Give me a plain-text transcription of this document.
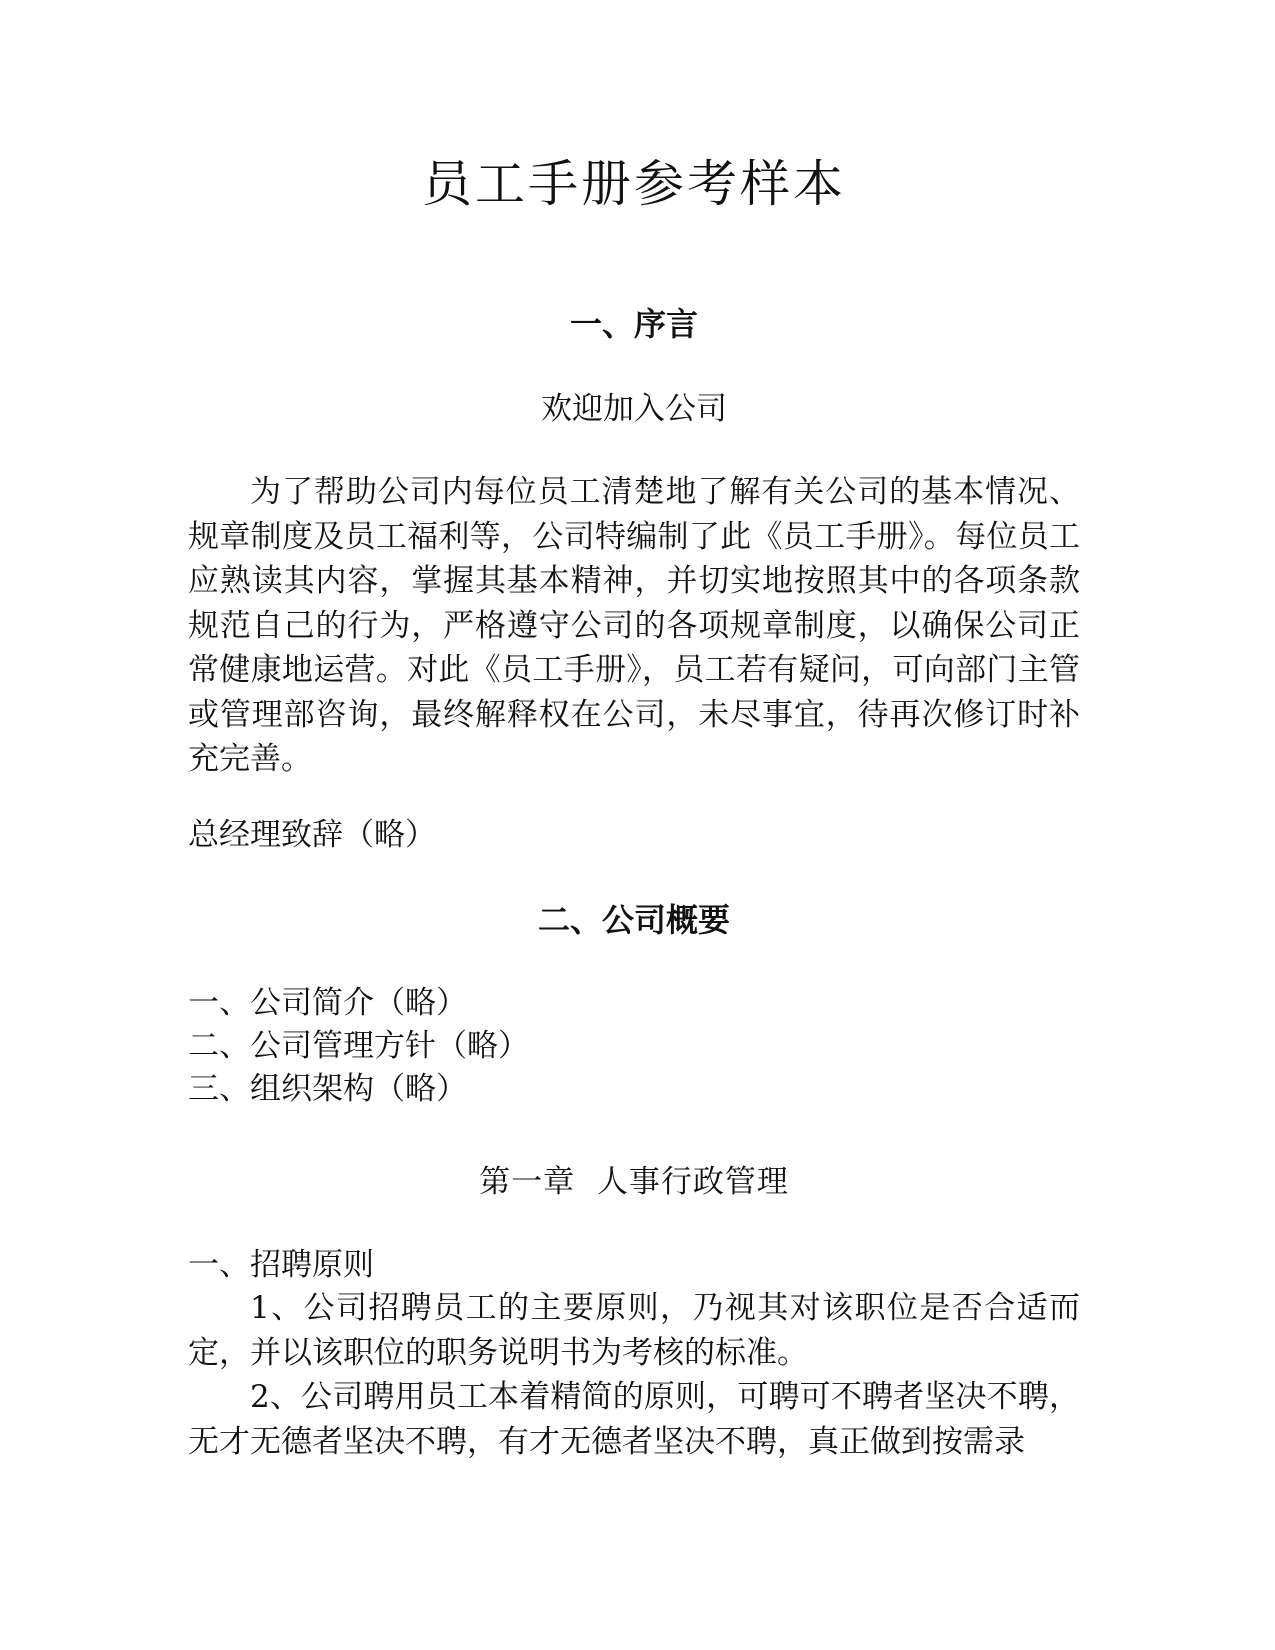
员工手册参考样本
一、序言

欢迎加入公司

为了帮助公司内每位员工清楚地了解有关公司的基本情况、规章制度及员工福利等，公司特编制了此《员工手册》。每位员工应熟读其内容，掌握其基本精神，并切实地按照其中的各项条款规范自己的行为，严格遵守公司的各项规章制度，以确保公司正常健康地运营。对此《员工手册》，员工若有疑问，可向部门主管或管理部咨询，最终解释权在公司，未尽事宜，待再次修订时补充完善。

总经理致辞（略）

二、公司概要
一、公司简介（略）
二、公司管理方针（略）
三、组织架构（略）

第一章  人事行政管理

一、招聘原则

1、公司招聘员工的主要原则，乃视其对该职位是否合适而定，并以该职位的职务说明书为考核的标准。

2、公司聘用员工本着精简的原则，可聘可不聘者坚决不聘，无才无德者坚决不聘，有才无德者坚决不聘，真正做到按需录
